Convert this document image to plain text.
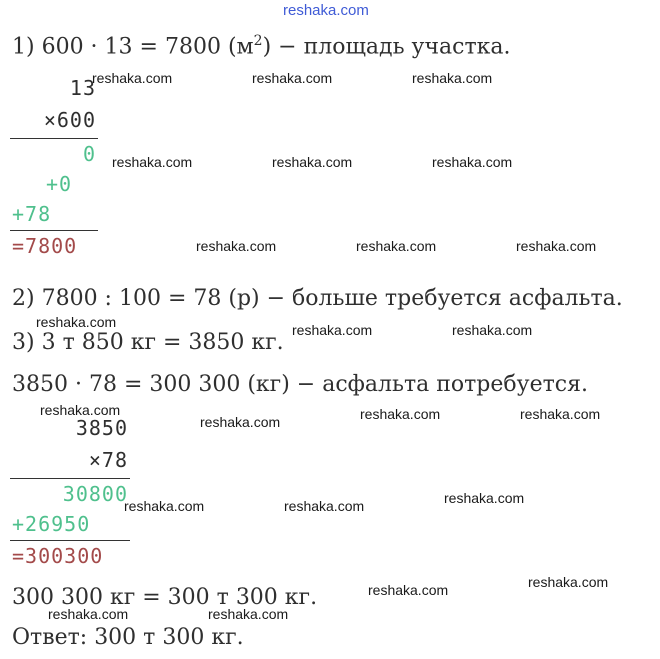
reshaka.com
1) 600 · 13 = 7800 $(м^2)$ − площадь участка.
13
×600
0
+0
+78
=7800
2) 7800 : 100 = 78 (р) − больше требуется асфальта.
3) 3 т 850 кг = 3850 кг.
3850 · 78 = 300 300 (кг) − асфальта потребуется.
3850
×78
30800
+26950
=300300
300 300 кг = 300 т 300 кг.
Ответ: 300 т 300 кг.
reshaka.com	reshaka.com	reshaka.com
reshaka.com	reshaka.com	reshaka.com
reshaka.com	reshaka.com	reshaka.com
reshaka.com	reshaka.com	reshaka.com
reshaka.com	reshaka.com	reshaka.com
reshaka.com
reshaka.com
reshaka.com	reshaka.com
reshaka.com
reshaka.com
reshaka.com	reshaka.com
